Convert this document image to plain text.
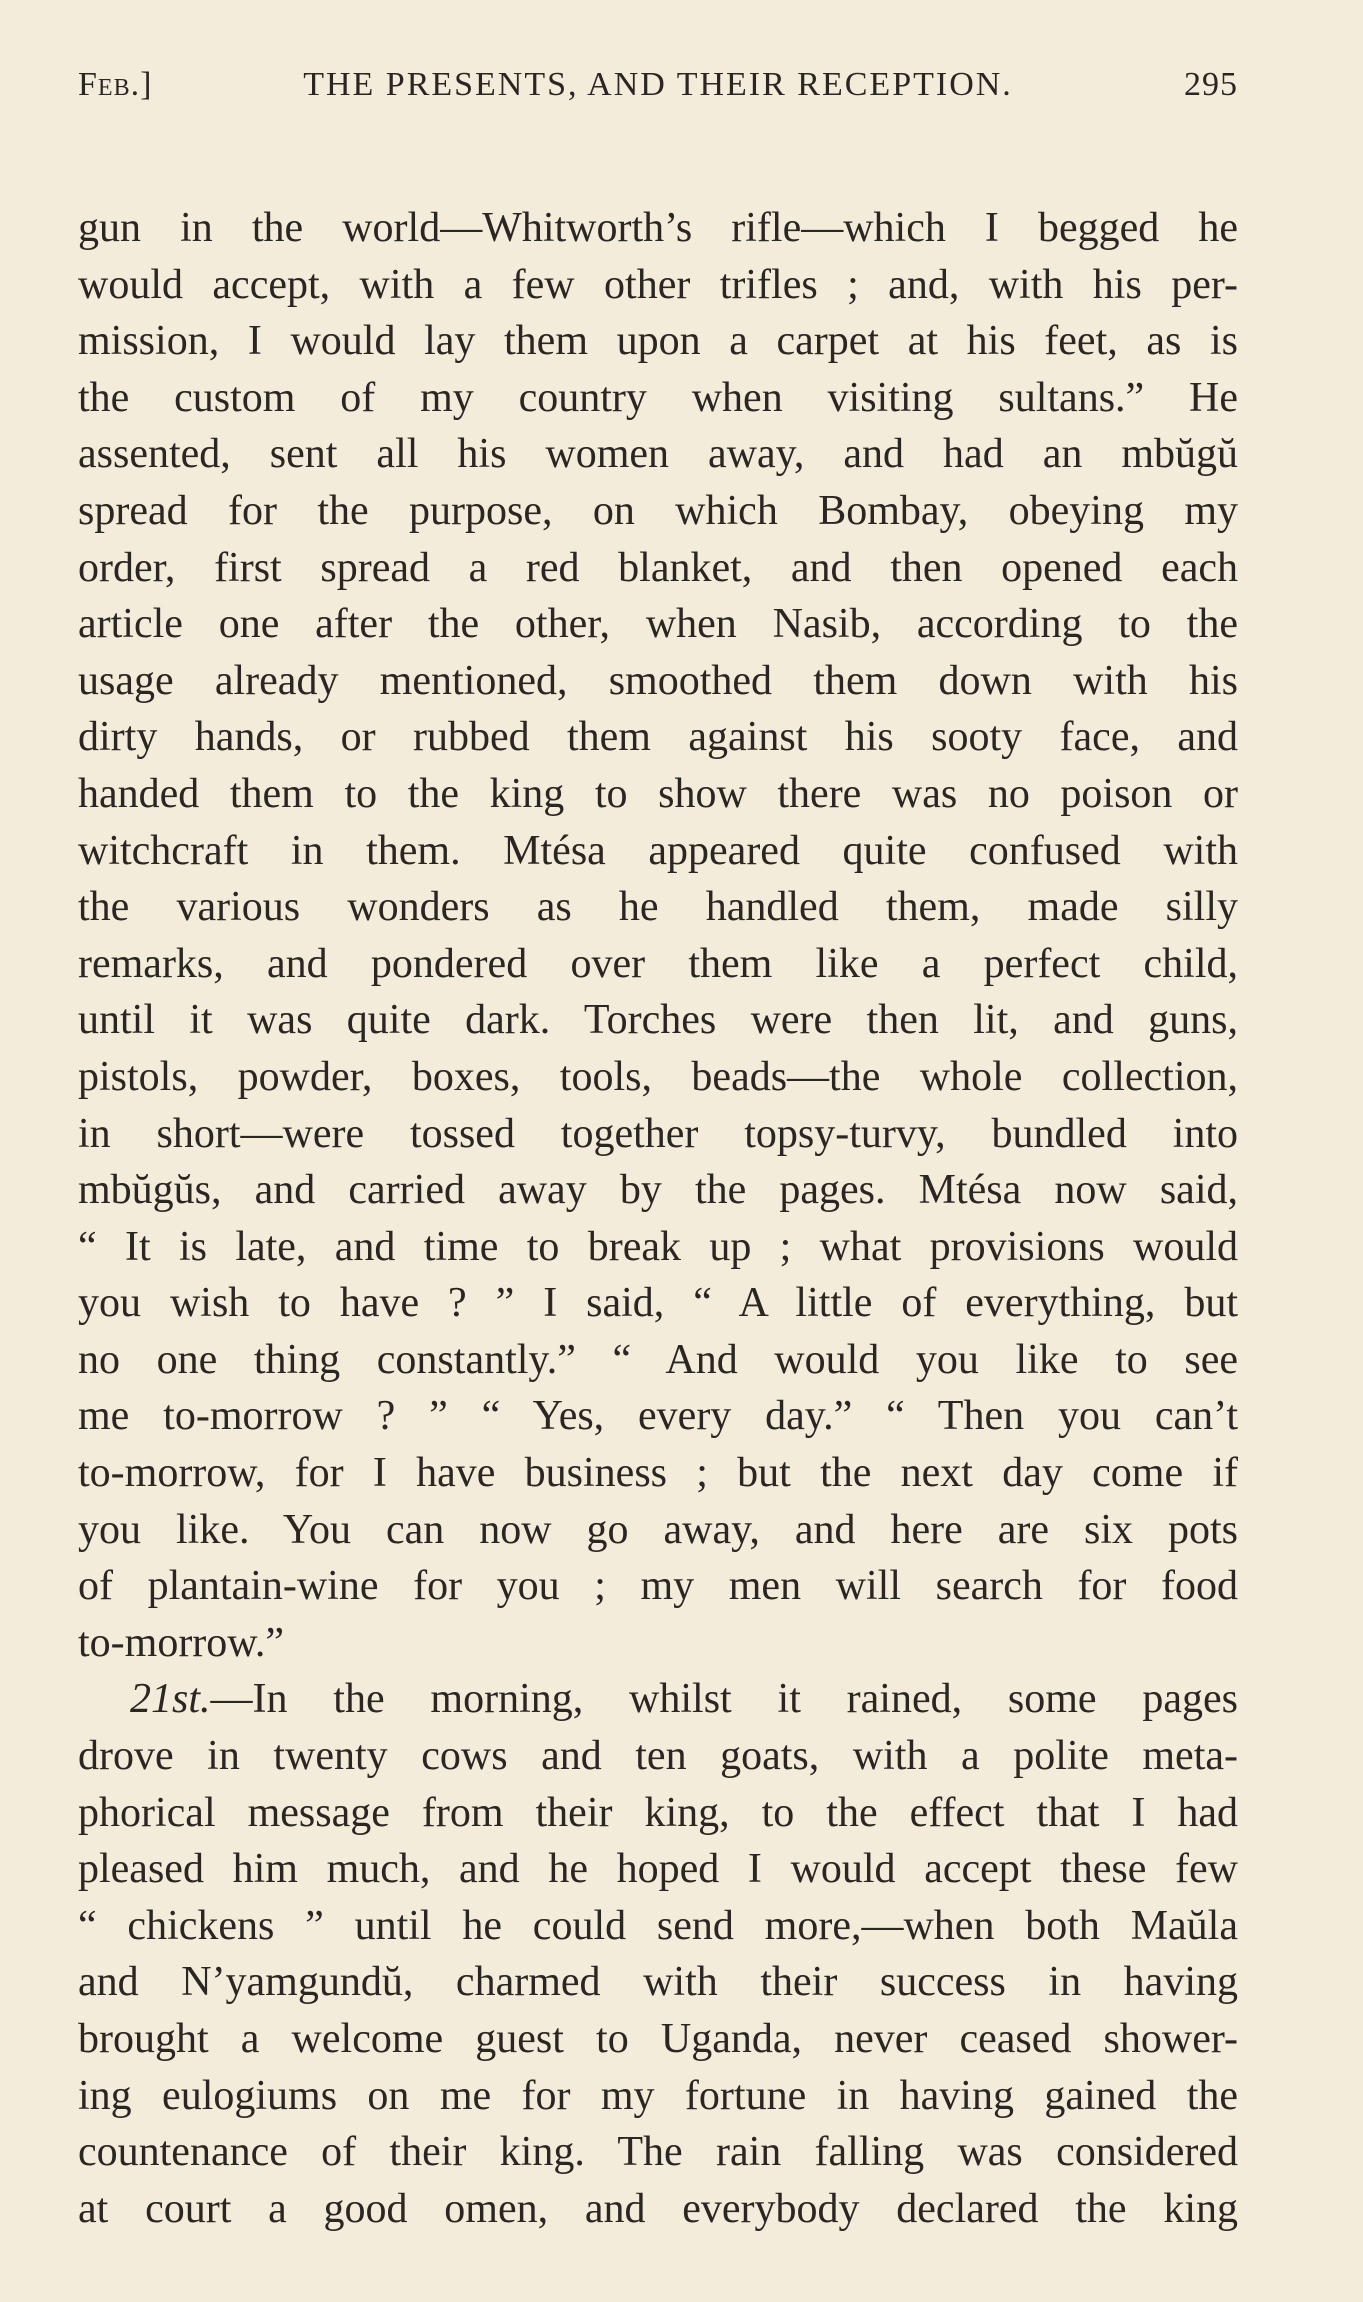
Feb.]	THE PRESENTS, AND THEIR RECEPTION.	295
gun in the world—Whitworth’s rifle—which I begged he
would accept, with a few other trifles ; and, with his per-
mission, I would lay them upon a carpet at his feet, as is
the custom of my country when visiting sultans.” He
assented, sent all his women away, and had an mbŭgŭ
spread for the purpose, on which Bombay, obeying my
order, first spread a red blanket, and then opened each
article one after the other, when Nasib, according to the
usage already mentioned, smoothed them down with his
dirty hands, or rubbed them against his sooty face, and
handed them to the king to show there was no poison or
witchcraft in them. Mtésa appeared quite confused with
the various wonders as he handled them, made silly
remarks, and pondered over them like a perfect child,
until it was quite dark. Torches were then lit, and guns,
pistols, powder, boxes, tools, beads—the whole collection,
in short—were tossed together topsy-turvy, bundled into
mbŭgŭs, and carried away by the pages. Mtésa now said,
“ It is late, and time to break up ; what provisions would
you wish to have ? ” I said, “ A little of everything, but
no one thing constantly.” “ And would you like to see
me to-morrow ? ” “ Yes, every day.” “ Then you can’t
to-morrow, for I have business ; but the next day come if
you like. You can now go away, and here are six pots
of plantain-wine for you ; my men will search for food
to-morrow.”
21st.—In the morning, whilst it rained, some pages
drove in twenty cows and ten goats, with a polite meta-
phorical message from their king, to the effect that I had
pleased him much, and he hoped I would accept these few
“ chickens ” until he could send more,—when both Maŭla
and N’yamgundŭ, charmed with their success in having
brought a welcome guest to Uganda, never ceased shower-
ing eulogiums on me for my fortune in having gained the
countenance of their king. The rain falling was considered
at court a good omen, and everybody declared the king
